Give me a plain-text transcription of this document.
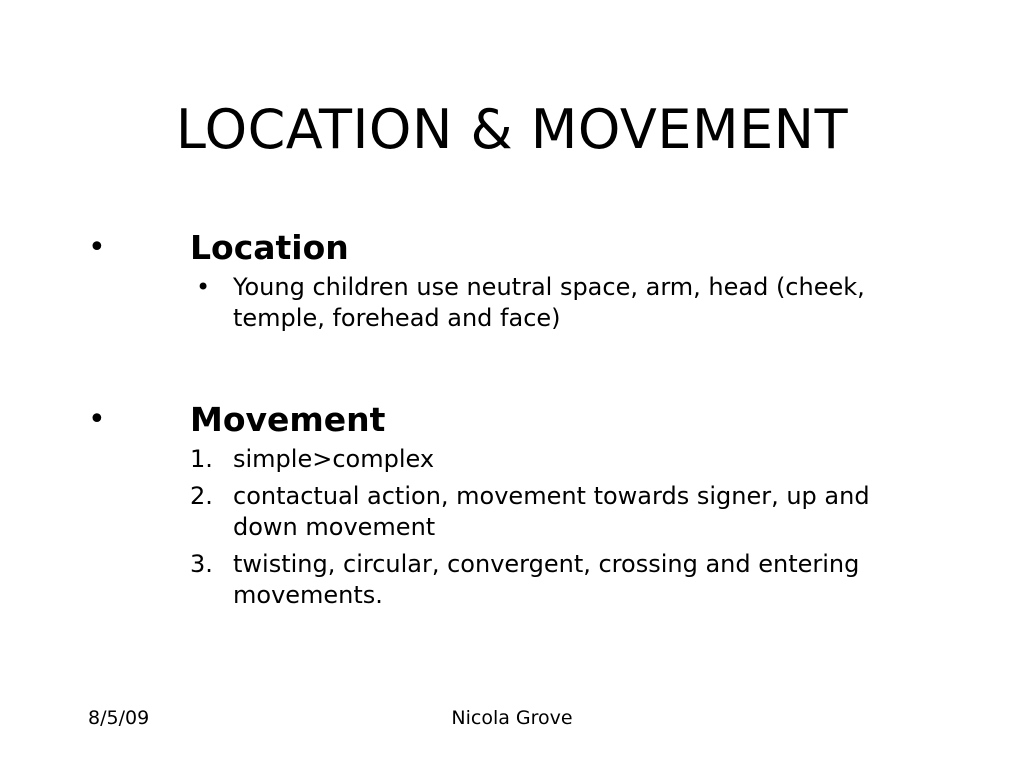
LOCATION & MOVEMENT
•	Location
• Young children use neutral space, arm, head (cheek, temple, forehead and face)
•	Movement
1. simple>complex
2. contactual action, movement towards signer, up and down movement
3. twisting, circular, convergent, crossing and entering movements.
8/5/09	Nicola Grove
